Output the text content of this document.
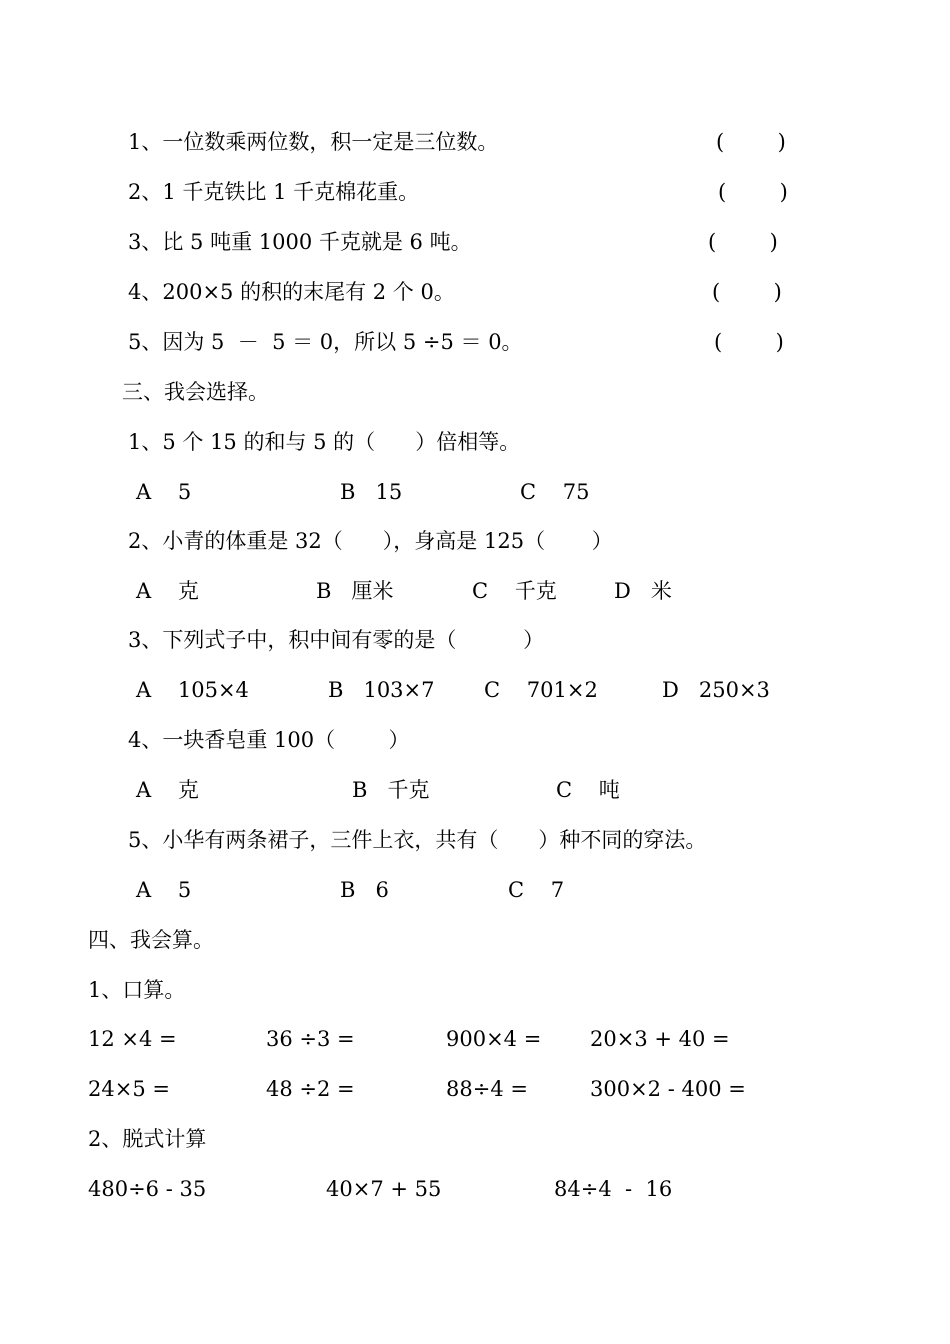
1、一位数乘两位数，积一定是三位数。	(        )
2、1 千克铁比 1 千克棉花重。	(        )
3、比 5 吨重 1000 千克就是 6 吨。	(        )
4、200×5 的积的末尾有 2 个 0。	(        )
5、因为 5  －  5 ＝ 0，所以 5 ÷5 ＝ 0。	(        )
三、我会选择。
1、5 个 15 的和与 5 的（      ）倍相等。
A    5	B   15	C    75
2、小青的体重是 32（      ），身高是 125（       ）
A    克	B   厘米	C    千克	D   米
3、下列式子中，积中间有零的是（          ）
A    105×4	B   103×7 C    701×2	D   250×3
4、一块香皂重 100（        ）
A    克	B   千克	C    吨
5、小华有两条裙子，三件上衣，共有（      ）种不同的穿法。
A    5	B   6	C    7
四、我会算。
1、口算。
12 ×4 =	36 ÷3 =	900×4 = 20×3 + 40 =
24×5 =	48 ÷2 =	88÷4 =	300×2 - 400 =
2、脱式计算
480÷6 - 35	40×7 + 55	84÷4  -  16
